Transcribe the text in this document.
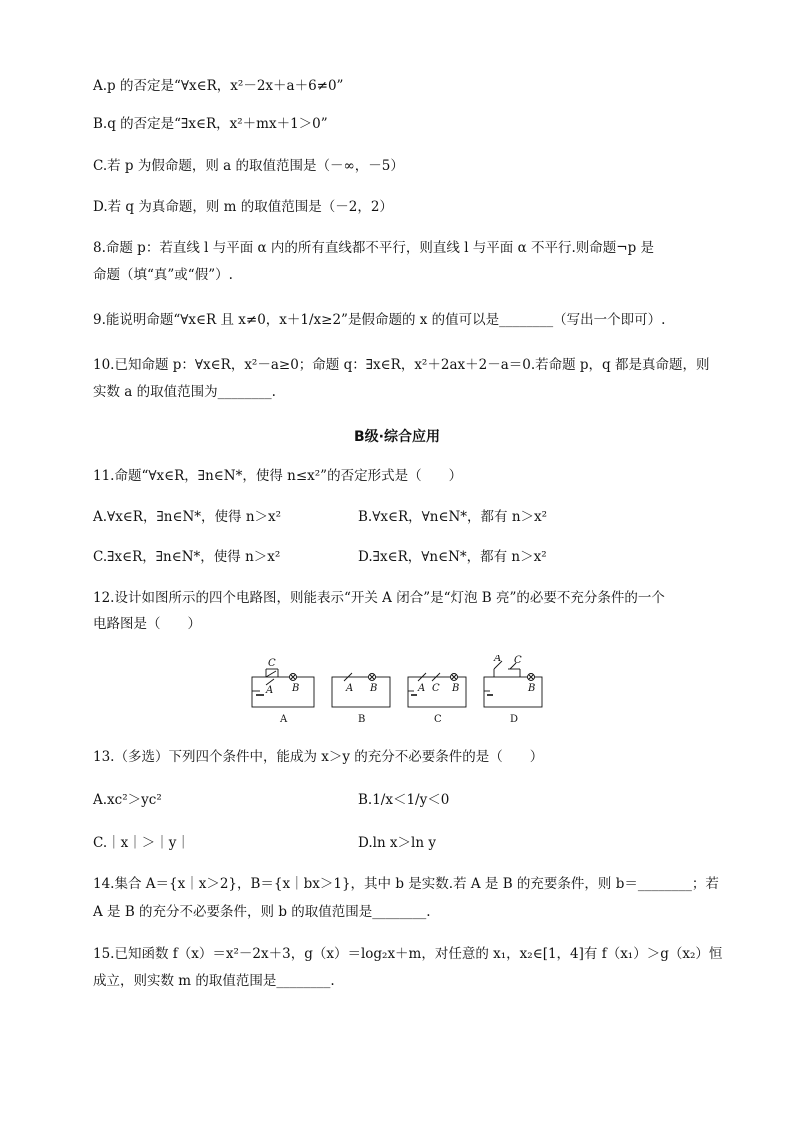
A.p 的否定是“∀x∈R，x²－2x＋a＋6≠0”
B.q 的否定是“∃x∈R，x²＋mx＋1＞0”
C.若 p 为假命题，则 a 的取值范围是（－∞，－5）
D.若 q 为真命题，则 m 的取值范围是（－2，2）
8.命题 p：若直线 l 与平面 α 内的所有直线都不平行，则直线 l 与平面 α 不平行.则命题¬p 是
命题（填“真”或“假”）.
9.能说明命题“∀x∈R 且 x≠0，x＋1/x≥2”是假命题的 x 的值可以是________（写出一个即可）.
10.已知命题 p：∀x∈R，x²－a≥0；命题 q：∃x∈R，x²＋2ax＋2－a＝0.若命题 p，q 都是真命题，则
实数 a 的取值范围为________.
B级·综合应用
11.命题“∀x∈R，∃n∈N*，使得 n≤x²”的否定形式是（　　）
A.∀x∈R，∃n∈N*，使得 n＞x²	B.∀x∈R，∀n∈N*，都有 n＞x²
C.∃x∈R，∃n∈N*，使得 n＞x²	D.∃x∈R，∀n∈N*，都有 n＞x²
12.设计如图所示的四个电路图，则能表示“开关 A 闭合”是“灯泡 B 亮”的必要不充分条件的一个
电路图是（　　）
C
A B	A B	A C B
A C
B
A	B	C	D
13.（多选）下列四个条件中，能成为 x＞y 的充分不必要条件的是（　　）
A.xc²＞yc²	B.1/x＜1/y＜0
C.｜x｜＞｜y｜	D.ln x＞ln y
14.集合 A＝{x｜x＞2}，B＝{x｜bx＞1}，其中 b 是实数.若 A 是 B 的充要条件，则 b＝________；若
A 是 B 的充分不必要条件，则 b 的取值范围是________.
15.已知函数 f（x）＝x²－2x＋3，g（x）＝log₂x＋m，对任意的 x₁，x₂∈[1，4]有 f（x₁）＞g（x₂）恒
成立，则实数 m 的取值范围是________.
